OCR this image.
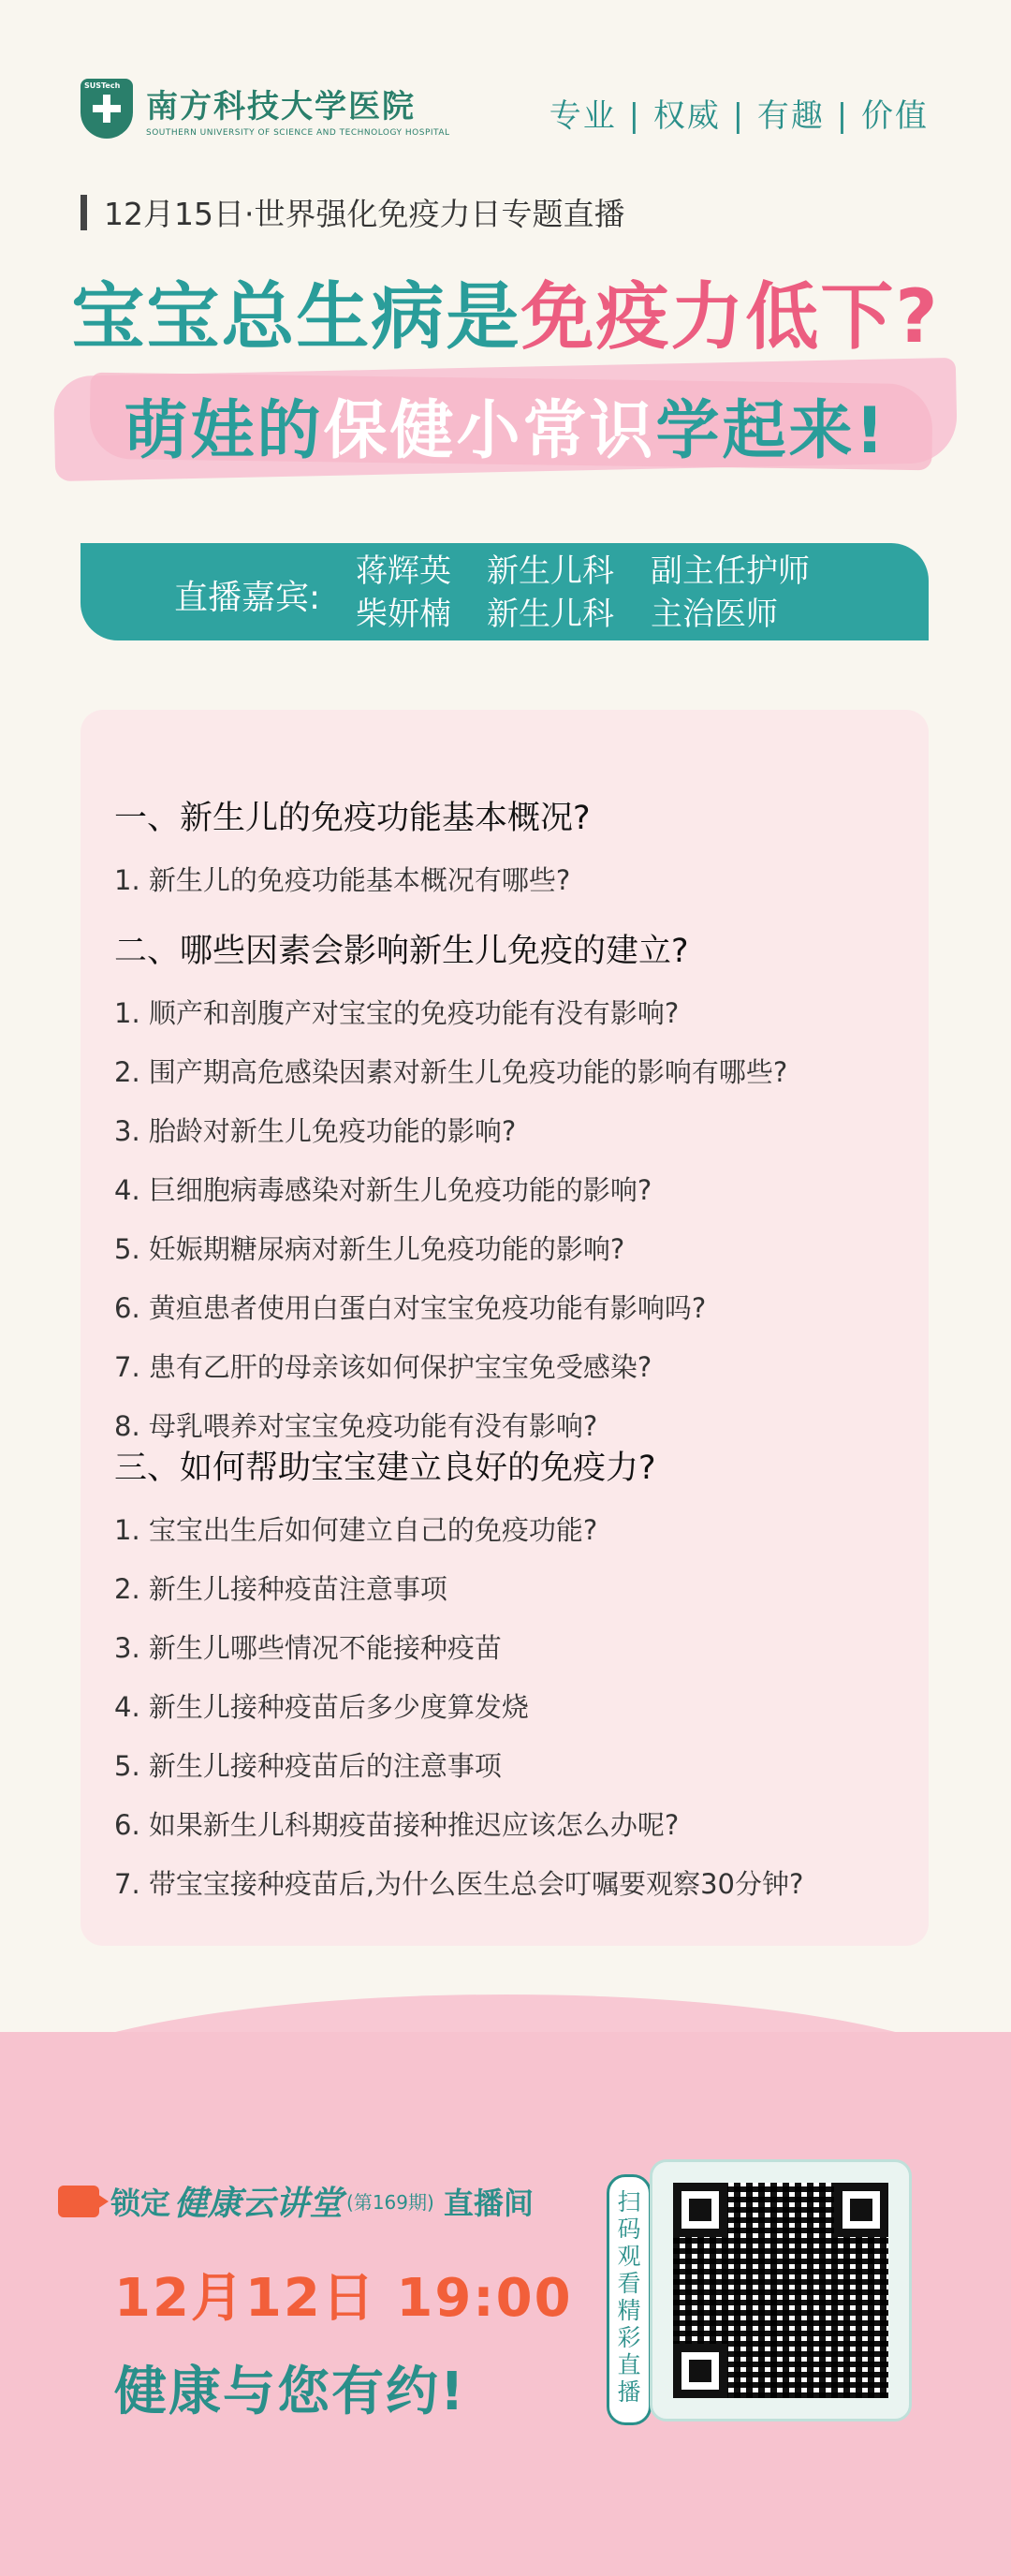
SUSTech
南方科技大学医院
SOUTHERN UNIVERSITY OF SCIENCE AND TECHNOLOGY HOSPITAL	专业 | 权威 | 有趣 | 价值
12月15日·世界强化免疫力日专题直播
宝宝总生病是免疫力低下?
萌娃的保健小常识学起来!
直播嘉宾:
蒋辉英	新生儿科	副主任护师
柴妍楠	新生儿科	主治医师
一、新生儿的免疫功能基本概况?
1. 新生儿的免疫功能基本概况有哪些?
二、哪些因素会影响新生儿免疫的建立?
1. 顺产和剖腹产对宝宝的免疫功能有没有影响?
2. 围产期高危感染因素对新生儿免疫功能的影响有哪些?
3. 胎龄对新生儿免疫功能的影响?
4. 巨细胞病毒感染对新生儿免疫功能的影响?
5. 妊娠期糖尿病对新生儿免疫功能的影响?
6. 黄疸患者使用白蛋白对宝宝免疫功能有影响吗?
7. 患有乙肝的母亲该如何保护宝宝免受感染?
8. 母乳喂养对宝宝免疫功能有没有影响?
三、如何帮助宝宝建立良好的免疫力?
1. 宝宝出生后如何建立自己的免疫功能?
2. 新生儿接种疫苗注意事项
3. 新生儿哪些情况不能接种疫苗
4. 新生儿接种疫苗后多少度算发烧
5. 新生儿接种疫苗后的注意事项
6. 如果新生儿科期疫苗接种推迟应该怎么办呢?
7. 带宝宝接种疫苗后,为什么医生总会叮嘱要观察30分钟?
锁定 健康云讲堂 (第169期) 直播间
12月12日 19:00
健康与您有约!
扫码观看精彩直播
